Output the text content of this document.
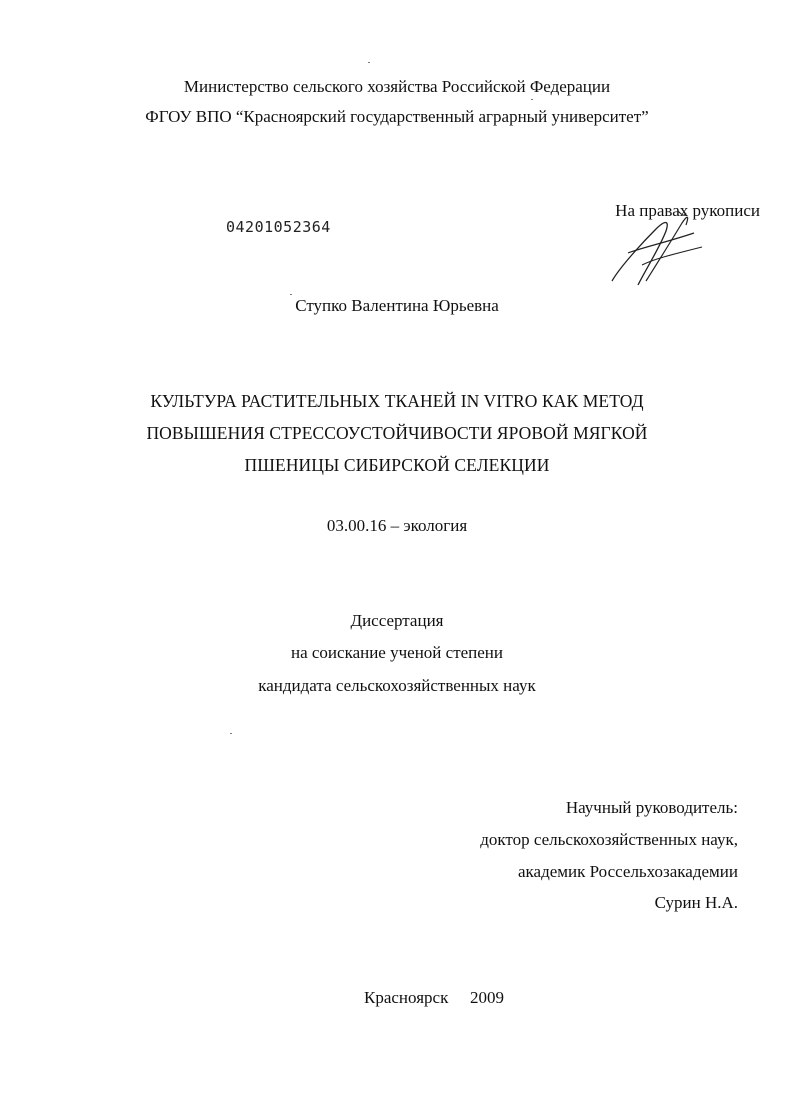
Министерство сельского хозяйства Российской Федерации
ФГОУ ВПО “Красноярский государственный аграрный университет”
04201052364
На правах рукописи
Ступко Валентина Юрьевна
КУЛЬТУРА РАСТИТЕЛЬНЫХ ТКАНЕЙ IN VITRO КАК МЕТОД
ПОВЫШЕНИЯ СТРЕССОУСТОЙЧИВОСТИ ЯРОВОЙ МЯГКОЙ
ПШЕНИЦЫ СИБИРСКОЙ СЕЛЕКЦИИ
03.00.16 – экология
Диссертация
на соискание ученой степени
кандидата сельскохозяйственных наук
Научный руководитель:
доктор сельскохозяйственных наук,
академик Россельхозакадемии
Сурин Н.А.
Красноярск 2009
